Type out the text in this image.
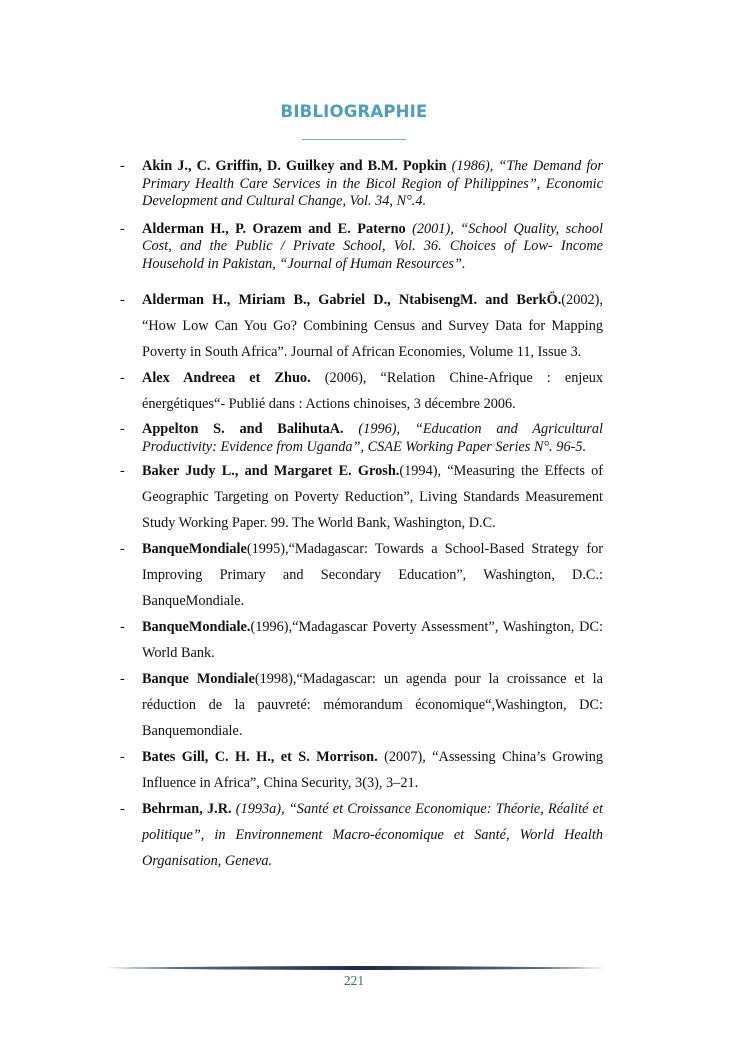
BIBLIOGRAPHIE
-	Akin J., C. Griffin, D. Guilkey and B.M. Popkin (1986), “The Demand for Primary Health Care Services in the Bicol Region of Philippines”, Economic Development and Cultural Change, Vol. 34, N°.4.
-	Alderman H., P. Orazem and E. Paterno (2001), “School Quality, school Cost, and the Public / Private School, Vol. 36. Choices of Low- Income Household in Pakistan, “Journal of Human Resources”.
-	Alderman H., Miriam B., Gabriel D., NtabisengM. and BerkÖ.(2002), “How Low Can You Go? Combining Census and Survey Data for Mapping Poverty in South Africa”. Journal of African Economies, Volume 11, Issue 3.
-	Alex Andreea et Zhuo. (2006), “Relation Chine-Afrique : enjeux énergétiques“- Publié dans : Actions chinoises, 3 décembre 2006.
-	Appelton S. and BalihutaA. (1996), “Education and Agricultural Productivity: Evidence from Uganda”, CSAE Working Paper Series N°. 96-5.
-	Baker Judy L., and Margaret E. Grosh.(1994), “Measuring the Effects of Geographic Targeting on Poverty Reduction”, Living Standards Measurement Study Working Paper. 99. The World Bank, Washington, D.C.
-	BanqueMondiale(1995),“Madagascar: Towards a School-Based Strategy for Improving Primary and Secondary Education”, Washington, D.C.: BanqueMondiale.
-	BanqueMondiale.(1996),“Madagascar Poverty Assessment”, Washington, DC: World Bank.
-	Banque Mondiale(1998),“Madagascar: un agenda pour la croissance et la réduction de la pauvreté: mémorandum économique“,Washington, DC: Banquemondiale.
-	Bates Gill, C. H. H., et S. Morrison. (2007), “Assessing China’s Growing Influence in Africa”, China Security, 3(3), 3–21.
-	Behrman, J.R. (1993a), “Santé et Croissance Economique: Théorie, Réalité et politique”, in Environnement Macro-économique et Santé, World Health Organisation, Geneva.
221
